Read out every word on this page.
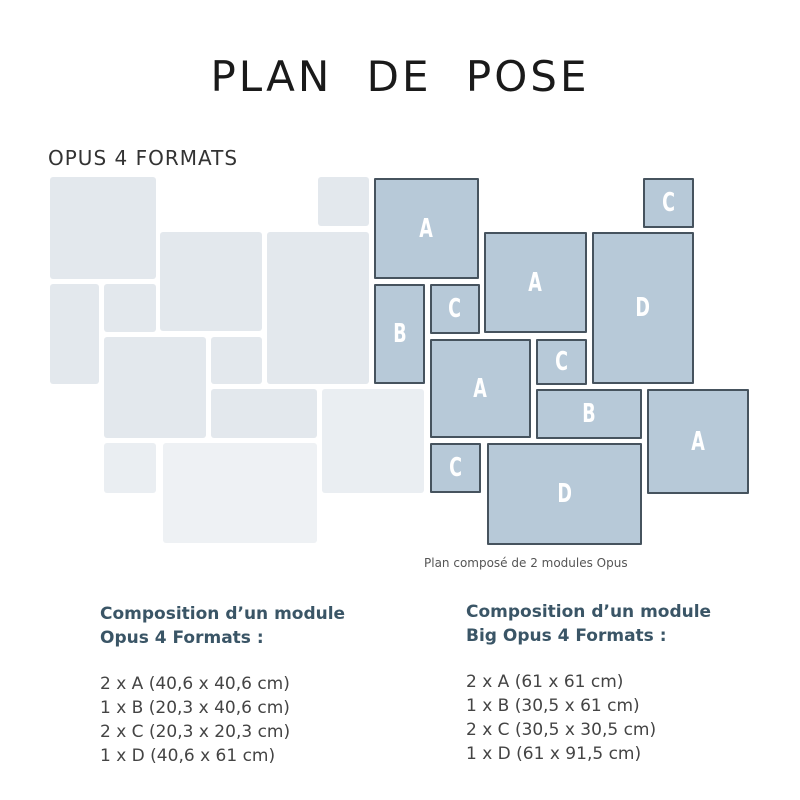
PLAN DE POSE
OPUS 4 FORMATS
A
C
A
D
B
C
A
C
B
A
C
D
Plan composé de 2 modules Opus
Composition d’un module
Opus 4 Formats :
2 x A (40,6 x 40,6 cm)
1 x B (20,3 x 40,6 cm)
2 x C (20,3 x 20,3 cm)
1 x D (40,6 x 61 cm)
Composition d’un module
Big Opus 4 Formats :
2 x A (61 x 61 cm)
1 x B (30,5 x 61 cm)
2 x C (30,5 x 30,5 cm)
1 x D (61 x 91,5 cm)
